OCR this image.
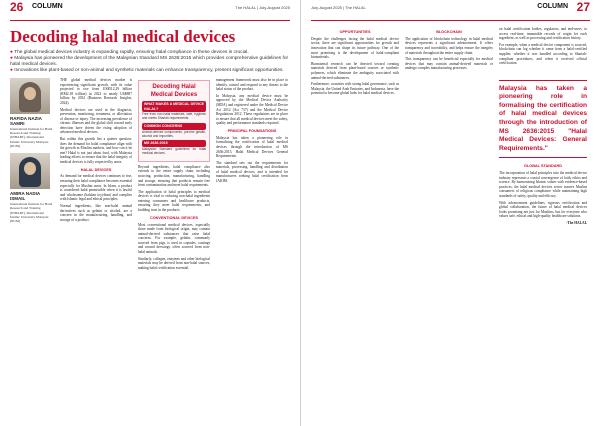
26 COLUMN	The HALAL | July-August 2025
Decoding halal medical devices
● The global medical devices industry is expanding rapidly, ensuring halal compliance in these devices is crucial.
● Malaysia has pioneered the development of the Malaysian Standard MS 2636:2015 which provides comprehensive guidelines for halal medical devices.
● Innovations like plant-based or non-animal and synthetic materials can enhance transparency, present significant opportunities.
RAFIDA NAZIA SAMRI
International Institute for Halal Research and Training (INHART), International Islamic University Malaysia (IIUM)
AMIRA NADIA ISMAIL
International Institute for Halal Research and Training (INHART), International Islamic University Malaysia (IIUM)

THE global medical devices market is experiencing significant growth, with its value projected to rise from US$512.29 billion (RM2.18 trillion) in 2022 to nearly US$887 billion by 2032 (Business Research Insights, 2024).

Medical devices are used in the diagnosis, prevention, monitoring, treatment, or alleviation of disease or injury. The increasing prevalence of chronic illnesses and the global shift toward early detection have driven the rising adoption of advanced medical devices.

But within this growth lies a quieter question: does the demand for halal compliance align with the growth in Muslim markets, and how can it be met? Halal is not just about food, with Malaysia leading efforts to ensure that the halal integrity of medical devices is fully respected by users.

HALAL DEVICES

As demand for medical devices continues to rise, ensuring their halal compliance becomes essential especially for Muslim users. In Islam, a product is considered halal permissible when it is lawful and wholesome (halalan toyyiban) and complies with Islamic legal and ethical principles.

Normal ingredients, like non-halal animal derivatives such as gelatin or alcohol, are a concern in the manufacturing, handling, and storage of a product.

Decoding Halal Medical Devices
WHAT MAKES A MEDICAL DEVICE HALAL?
Free from non-halal materials, safe, hygienic and meets Shariah requirements.
COMMON CONCERNS
Animal-derived components, porcine gelatin, alcohol and impurities.
MS 2636:2015
Malaysian Standard guidelines for halal medical devices.

Beyond ingredients, halal compliance also extends to the entire supply chain, including sourcing, production, manufacturing, handling and storage, ensuring that products remain free from contamination and meet halal requirements.

The application of halal principles to medical devices is vital to reducing non-halal ingredients entering consumers and healthcare products, ensuring they meet halal requirements, and building trust in the products.

CONVENTIONAL DEVICES

Most conventional medical devices, especially those made from biological origin, may contain animal-derived substances that raise halal concerns. For example, gelatin, commonly sourced from pigs, is used in capsules, coatings and wound dressings, often sourced from non-halal animals.

Similarly, collagen, enzymes and other biological materials may be derived from non-halal sources, making halal certification essential.

management framework must also be in place to identify, control and respond to any threats to the halal status of the product.

In Malaysia, any medical device must be approved by the Medical Device Authority (MDA) and registered under the Medical Device Act 2012 (Act 737) and the Medical Device Regulations 2012. These regulations are in place to ensure that all medical devices meet the safety, quality and performance standards required.

PRINCIPAL FOUNDATIONS

Malaysia has taken a pioneering role in formalising the certification of halal medical devices through the introduction of MS 2636:2015, Halal Medical Devices General Requirements.

The standard sets out the requirements for materials, processing, handling and distribution of halal medical devices, and is intended for manufacturers seeking halal certification from JAKIM.

July-August 2025 | The HALAL	COLUMN 27
OPPORTUNITIES

Despite the challenges facing the halal medical device sector, there are significant opportunities for growth and innovation that can shape its future pathway. One of the most promising is the development of halal-compliant biomaterials.

Biomaterial research can be directed toward creating materials derived from plant-based sources or synthetic polymers, which eliminate the ambiguity associated with animal-derived substances.

Furthermore, countries with strong halal governance, such as Malaysia, the United Arab Emirates, and Indonesia, have the potential to become global hubs for halal medical devices.

BLOCKCHAIN

The application of blockchain technology in halal medical devices represents a significant advancement. It offers transparency and traceability, and helps ensure the integrity of materials throughout the entire supply chain.

This transparency can be beneficial especially for medical devices that may contain animal-derived materials or undergo complex manufacturing processes.

on halal certification bodies, regulators, and end-users, to access real-time, immutable records of origin for each ingredient, as well as processing and certification history.

For example, when a medical device component is sourced, blockchain can log whether it came from a halal-certified supplier, whether it was handled according to Shariah-compliant procedures, and when it received official certification.

Malaysia has taken a pioneering role in formalising the certification of halal medical devices through the introduction of MS 2636:2015 "Halal Medical Devices: General Requirements."
GLOBAL STANDARD

The incorporation of halal principles into the medical device industry represents a crucial convergence of faith, ethics and science. By harmonising Islamic values with evidence-based practices, the halal medical devices sector assures Muslim consumers of religious compliance while maintaining high standards of safety, quality and efficacy.

With advancement guidelines, rigorous certification and global collaboration, the future of halal medical devices looks promising not just for Muslims, but for everyone who values safe, ethical and high-quality healthcare solutions.

-The HALAL
